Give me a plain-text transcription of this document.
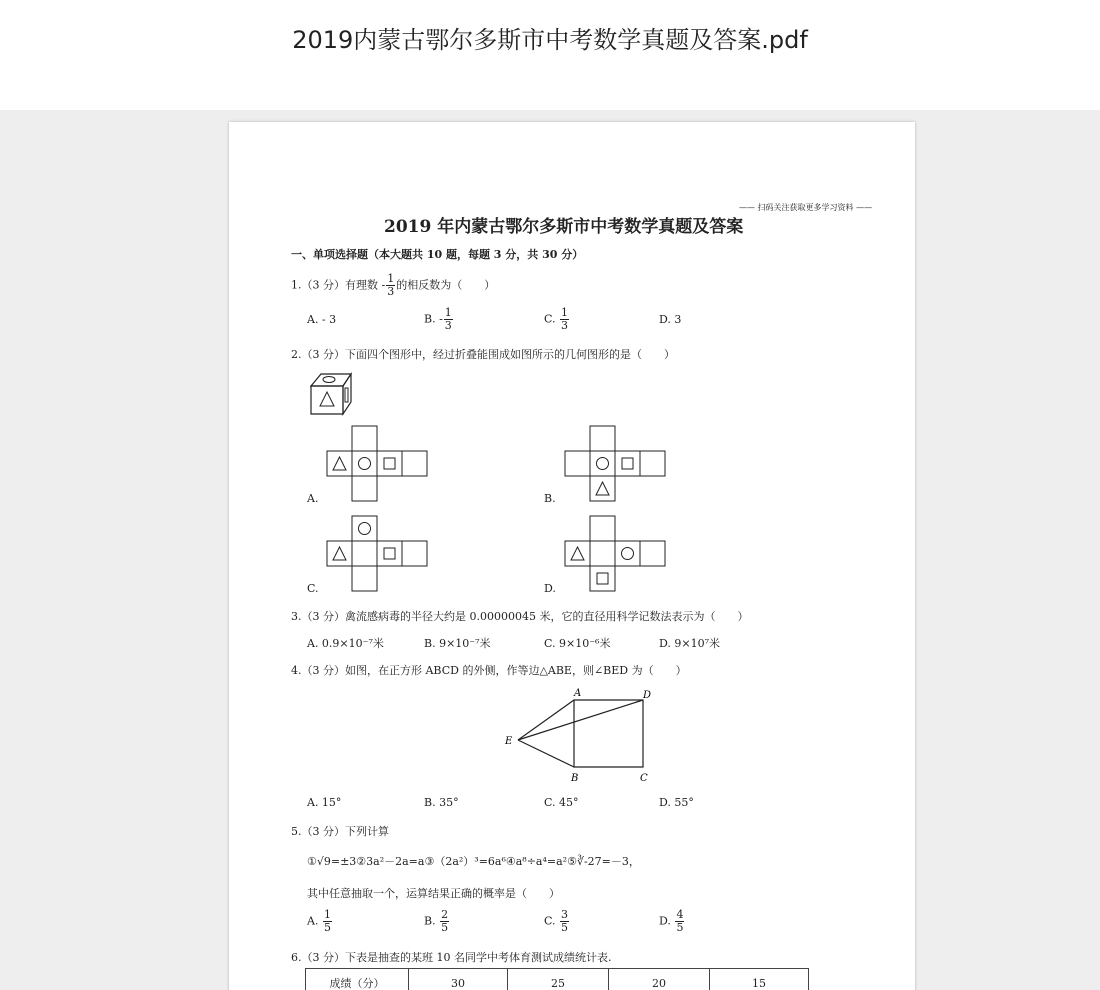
2019内蒙古鄂尔多斯市中考数学真题及答案.pdf
—— 扫码关注获取更多学习资料 ——
2019 年内蒙古鄂尔多斯市中考数学真题及答案
一、单项选择题（本大题共 10 题，每题 3 分，共 30 分）
1.（3 分）有理数 - $\frac{1}{3}$ 的相反数为（　　）
A. - 3	B. - $\frac{1}{3}$	C. $\frac{1}{3}$	D. 3
2.（3 分）下面四个图形中，经过折叠能围成如图所示的几何图形的是（　　）
A.	B.
C.	D.
3.（3 分）禽流感病毒的半径大约是 0.00000045 米，它的直径用科学记数法表示为（　　）
A. 0.9×10⁻⁷米	B. 9×10⁻⁷米	C. 9×10⁻⁶米	D. 9×10⁷米
4.（3 分）如图，在正方形 ABCD 的外侧，作等边△ABE，则∠BED 为（　　）
A	D
E
B	C
A. 15°	B. 35°	C. 45°	D. 55°
5.（3 分）下列计算
①√9=±3②3a²－2a=a③（2a²）³=6a⁶④a⁸÷a⁴=a²⑤∛-27=－3，
其中任意抽取一个，运算结果正确的概率是（　　）
A. $\frac{1}{5}$	B. $\frac{2}{5}$	C. $\frac{3}{5}$	D. $\frac{4}{5}$
6.（3 分）下表是抽查的某班 10 名同学中考体育测试成绩统计表.
成绩（分）	30	25	20	15
